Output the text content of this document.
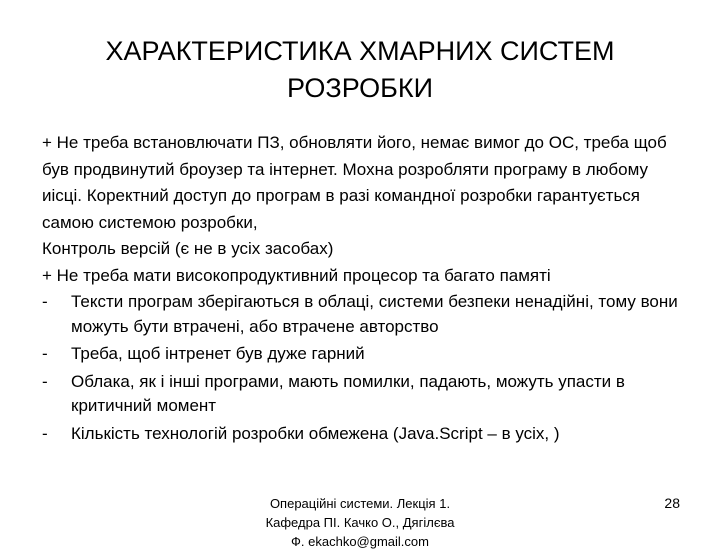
ХАРАКТЕРИСТИКА ХМАРНИХ СИСТЕМ
РОЗРОБКИ

+ Не треба встановлючати ПЗ, обновляти його, немає вимог до ОС, треба щоб був продвинутий броузер та інтернет. Мохна розробляти програму в любому иісці. Коректний доступ до програм в разі командної розробки гарантується самою системою розробки,

Контроль версій (є не в усіх засобах)

+ Не треба мати високопродуктивний процесор та багато памяті

- Тексти програм зберігаються в облаці, системи безпеки ненадійні, тому вони можуть бути втрачені, або втрачене авторство
- Треба, щоб інтренет був дуже гарний
- Облака, як і інші програми, мають помилки, падають, можуть упасти в критичний момент
- Кількість технологій розробки обмежена (Java.Script – в усіх, )
Операційні системи. Лекція 1.
Кафедра ПІ. Качко О., Дягілєва
Ф. ekachko@gmail.com
28
